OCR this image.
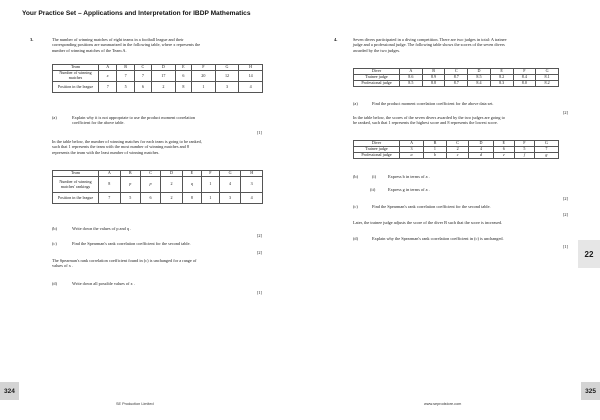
Your Practice Set – Applications and Interpretation for IBDP Mathematics
3.	The number of winning matches of eight teams in a football league and their
corresponding positions are summarized in the following table, where x represents the
number of winning matches of the Team A.
Team	A	B	C	D	E	F	G	H
Number of winning matches	x	7	7	17	6	20	12	14
Position in the league	7	5	6	2	8	1	3	4
(a)	Explain why it is not appropriate to use the product moment correlation
coefficient for the above table.
[1]
In the table below, the number of winning matches for each team is going to be ranked,
such that 1 represents the team with the most number of winning matches and 8
represents the team with the least number of winning matches.
Team	A	B	C	D	E	F	G	H
Number of winning matches' rankings	8	p	p	2	q	1	4	3
Position in the league	7	5	6	2	8	1	3	4
(b)	Write down the values of p and q .
[2]
(c)	Find the Spearman's rank correlation coefficient for the second table.
[2]
The Spearman's rank correlation coefficient found in (c) is unchanged for a range of
values of x .
(d)	Write down all possible values of x .
[1]
4.	Seven divers participated in a diving competition. There are two judges in total: A trainee
judge and a professional judge. The following table shows the scores of the seven divers
awarded by the two judges.
Diver	A	B	C	D	E	F	G
Trainee judge	8.6	8.9	8.7	8.5	8.2	8.4	8.1
Professional judge	8.5	8.8	8.7	8.4	8.3	8.0	8.2
(a)	Find the product moment correlation coefficient for the above data set.
[2]
In the table below, the scores of the seven divers awarded by the two judges are going to
be ranked, such that 1 represents the highest score and 8 represents the lowest score.
Diver	A	B	C	D	E	F	G
Trainee judge	3	1	2	4	6	5	7
Professional judge	a	b	c	d	e	f	g
(b)	(i)	Express b in terms of a .
(ii)	Express g in terms of a .
[2]
(c)	Find the Spearman's rank correlation coefficient for the second table.
[2]
Later, the trainee judge adjusts the score of the diver B such that the score is increased.
(d)	Explain why the Spearman's rank correlation coefficient in (c) is unchanged.
[1]
22
324	325
SE Production Limited	www.seprodstore.com
